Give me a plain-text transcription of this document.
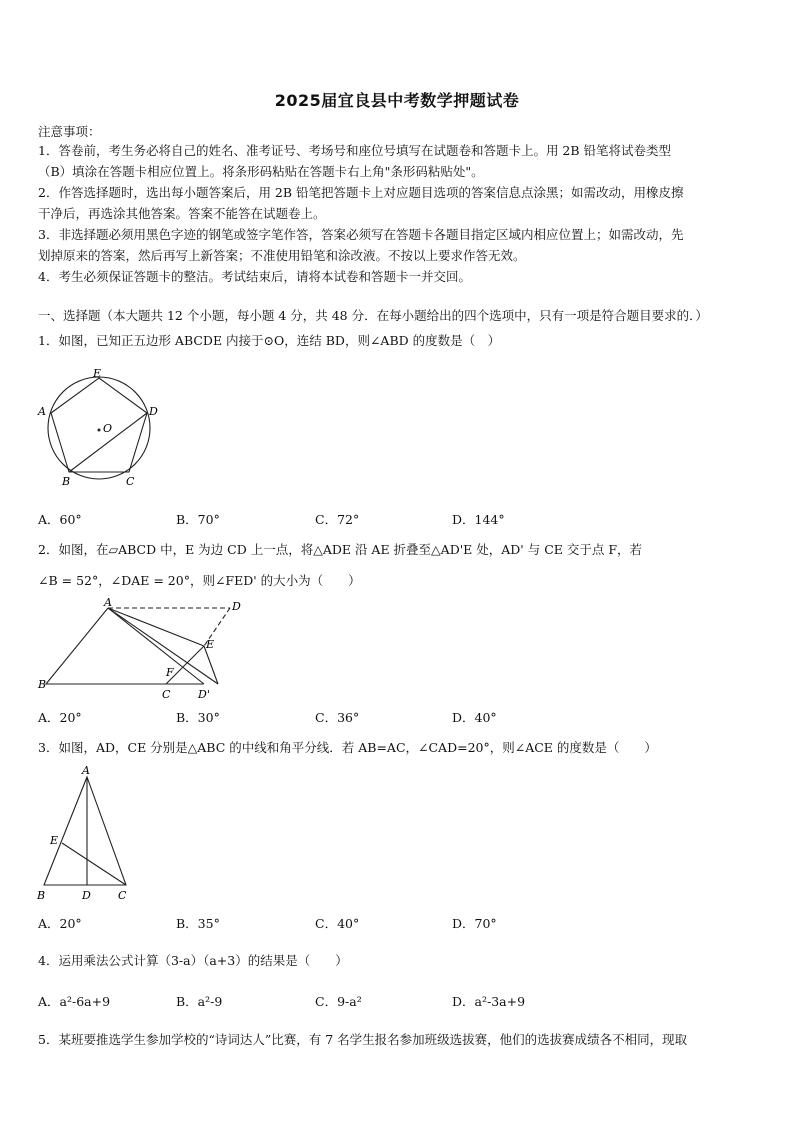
2025届宜良县中考数学押题试卷
注意事项：
1．答卷前，考生务必将自己的姓名、准考证号、考场号和座位号填写在试题卷和答题卡上。用 2B 铅笔将试卷类型
（B）填涂在答题卡相应位置上。将条形码粘贴在答题卡右上角"条形码粘贴处"。
2．作答选择题时，选出每小题答案后，用 2B 铅笔把答题卡上对应题目选项的答案信息点涂黑；如需改动，用橡皮擦
干净后，再选涂其他答案。答案不能答在试题卷上。
3．非选择题必须用黑色字迹的钢笔或签字笔作答，答案必须写在答题卡各题目指定区域内相应位置上；如需改动，先
划掉原来的答案，然后再写上新答案；不准使用铅笔和涂改液。不按以上要求作答无效。
4．考生必须保证答题卡的整洁。考试结束后，请将本试卷和答题卡一并交回。
一、选择题（本大题共 12 个小题，每小题 4 分，共 48 分．在每小题给出的四个选项中，只有一项是符合题目要求的．）
1．如图，已知正五边形 ABCDE 内接于⊙O，连结 BD，则∠ABD 的度数是（　）
E
A	D
O
B	C
A．60°	B．70°	C．72°	D．144°
2．如图，在▱ABCD 中，E 为边 CD 上一点，将△ADE 沿 AE 折叠至△AD'E 处，AD' 与 CE 交于点 F，若
∠B = 52°，∠DAE = 20°，则∠FED' 的大小为（　　）
A	D
E
F
B
C	D'
A．20°	B．30°	C．36°	D．40°
3．如图，AD，CE 分别是△ABC 的中线和角平分线．若 AB=AC，∠CAD=20°，则∠ACE 的度数是（　　）
A
E
B	D C
A．20°	B．35°	C．40°	D．70°
4．运用乘法公式计算（3-a）（a+3）的结果是（　　）
A．a²-6a+9	B．a²-9	C．9-a²	D．a²-3a+9
5．某班要推选学生参加学校的“诗词达人”比赛，有 7 名学生报名参加班级选拔赛，他们的选拔赛成绩各不相同，现取
